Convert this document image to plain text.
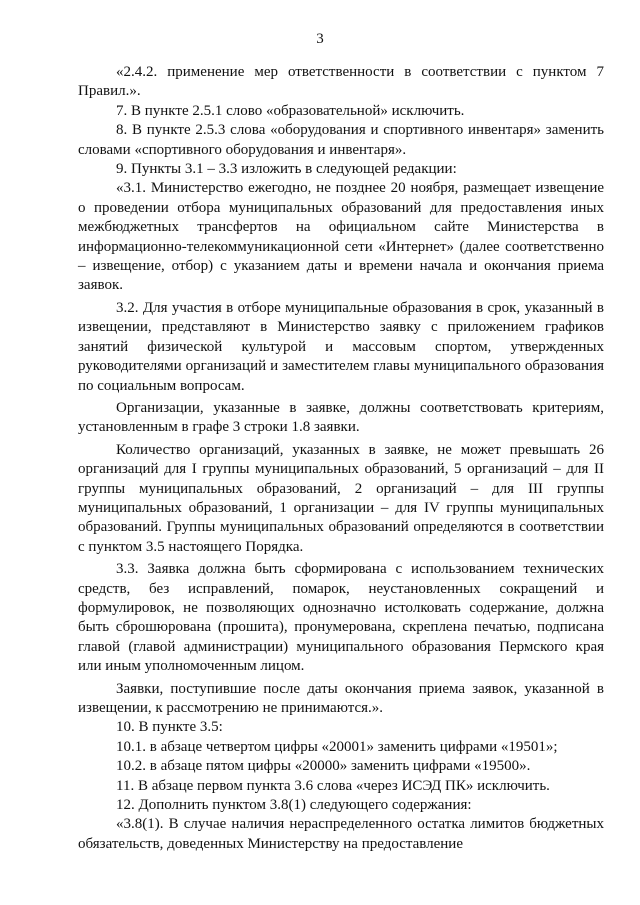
3

«2.4.2. применение мер ответственности в соответствии с пунктом 7 Правил.».

7. В пункте 2.5.1 слово «образовательной» исключить.

8. В пункте 2.5.3 слова «оборудования и спортивного инвентаря» заменить словами «спортивного оборудования и инвентаря».

9. Пункты 3.1 – 3.3 изложить в следующей редакции:

«3.1. Министерство ежегодно, не позднее 20 ноября, размещает извещение о проведении отбора муниципальных образований для предоставления иных межбюджетных трансфертов на официальном сайте Министерства в информационно-телекоммуникационной сети «Интернет» (далее соответственно – извещение, отбор) с указанием даты и времени начала и окончания приема заявок.

3.2. Для участия в отборе муниципальные образования в срок, указанный в извещении, представляют в Министерство заявку с приложением графиков занятий физической культурой и массовым спортом, утвержденных руководителями организаций и заместителем главы муниципального образования по социальным вопросам.

Организации, указанные в заявке, должны соответствовать критериям, установленным в графе 3 строки 1.8 заявки.

Количество организаций, указанных в заявке, не может превышать 26 организаций для I группы муниципальных образований, 5 организаций – для II группы муниципальных образований, 2 организаций – для III группы муниципальных образований, 1 организации – для IV группы муниципальных образований. Группы муниципальных образований определяются в соответствии с пунктом 3.5 настоящего Порядка.

3.3. Заявка должна быть сформирована с использованием технических средств, без исправлений, помарок, неустановленных сокращений и формулировок, не позволяющих однозначно истолковать содержание, должна быть сброшюрована (прошита), пронумерована, скреплена печатью, подписана главой (главой администрации) муниципального образования Пермского края или иным уполномоченным лицом.

Заявки, поступившие после даты окончания приема заявок, указанной в извещении, к рассмотрению не принимаются.».

10. В пункте 3.5:

10.1. в абзаце четвертом цифры «20001» заменить цифрами «19501»;

10.2. в абзаце пятом цифры «20000» заменить цифрами «19500».

11. В абзаце первом пункта 3.6 слова «через ИСЭД ПК» исключить.

12. Дополнить пунктом 3.8(1) следующего содержания:

«3.8(1). В случае наличия нераспределенного остатка лимитов бюджетных обязательств, доведенных Министерству на предоставление
